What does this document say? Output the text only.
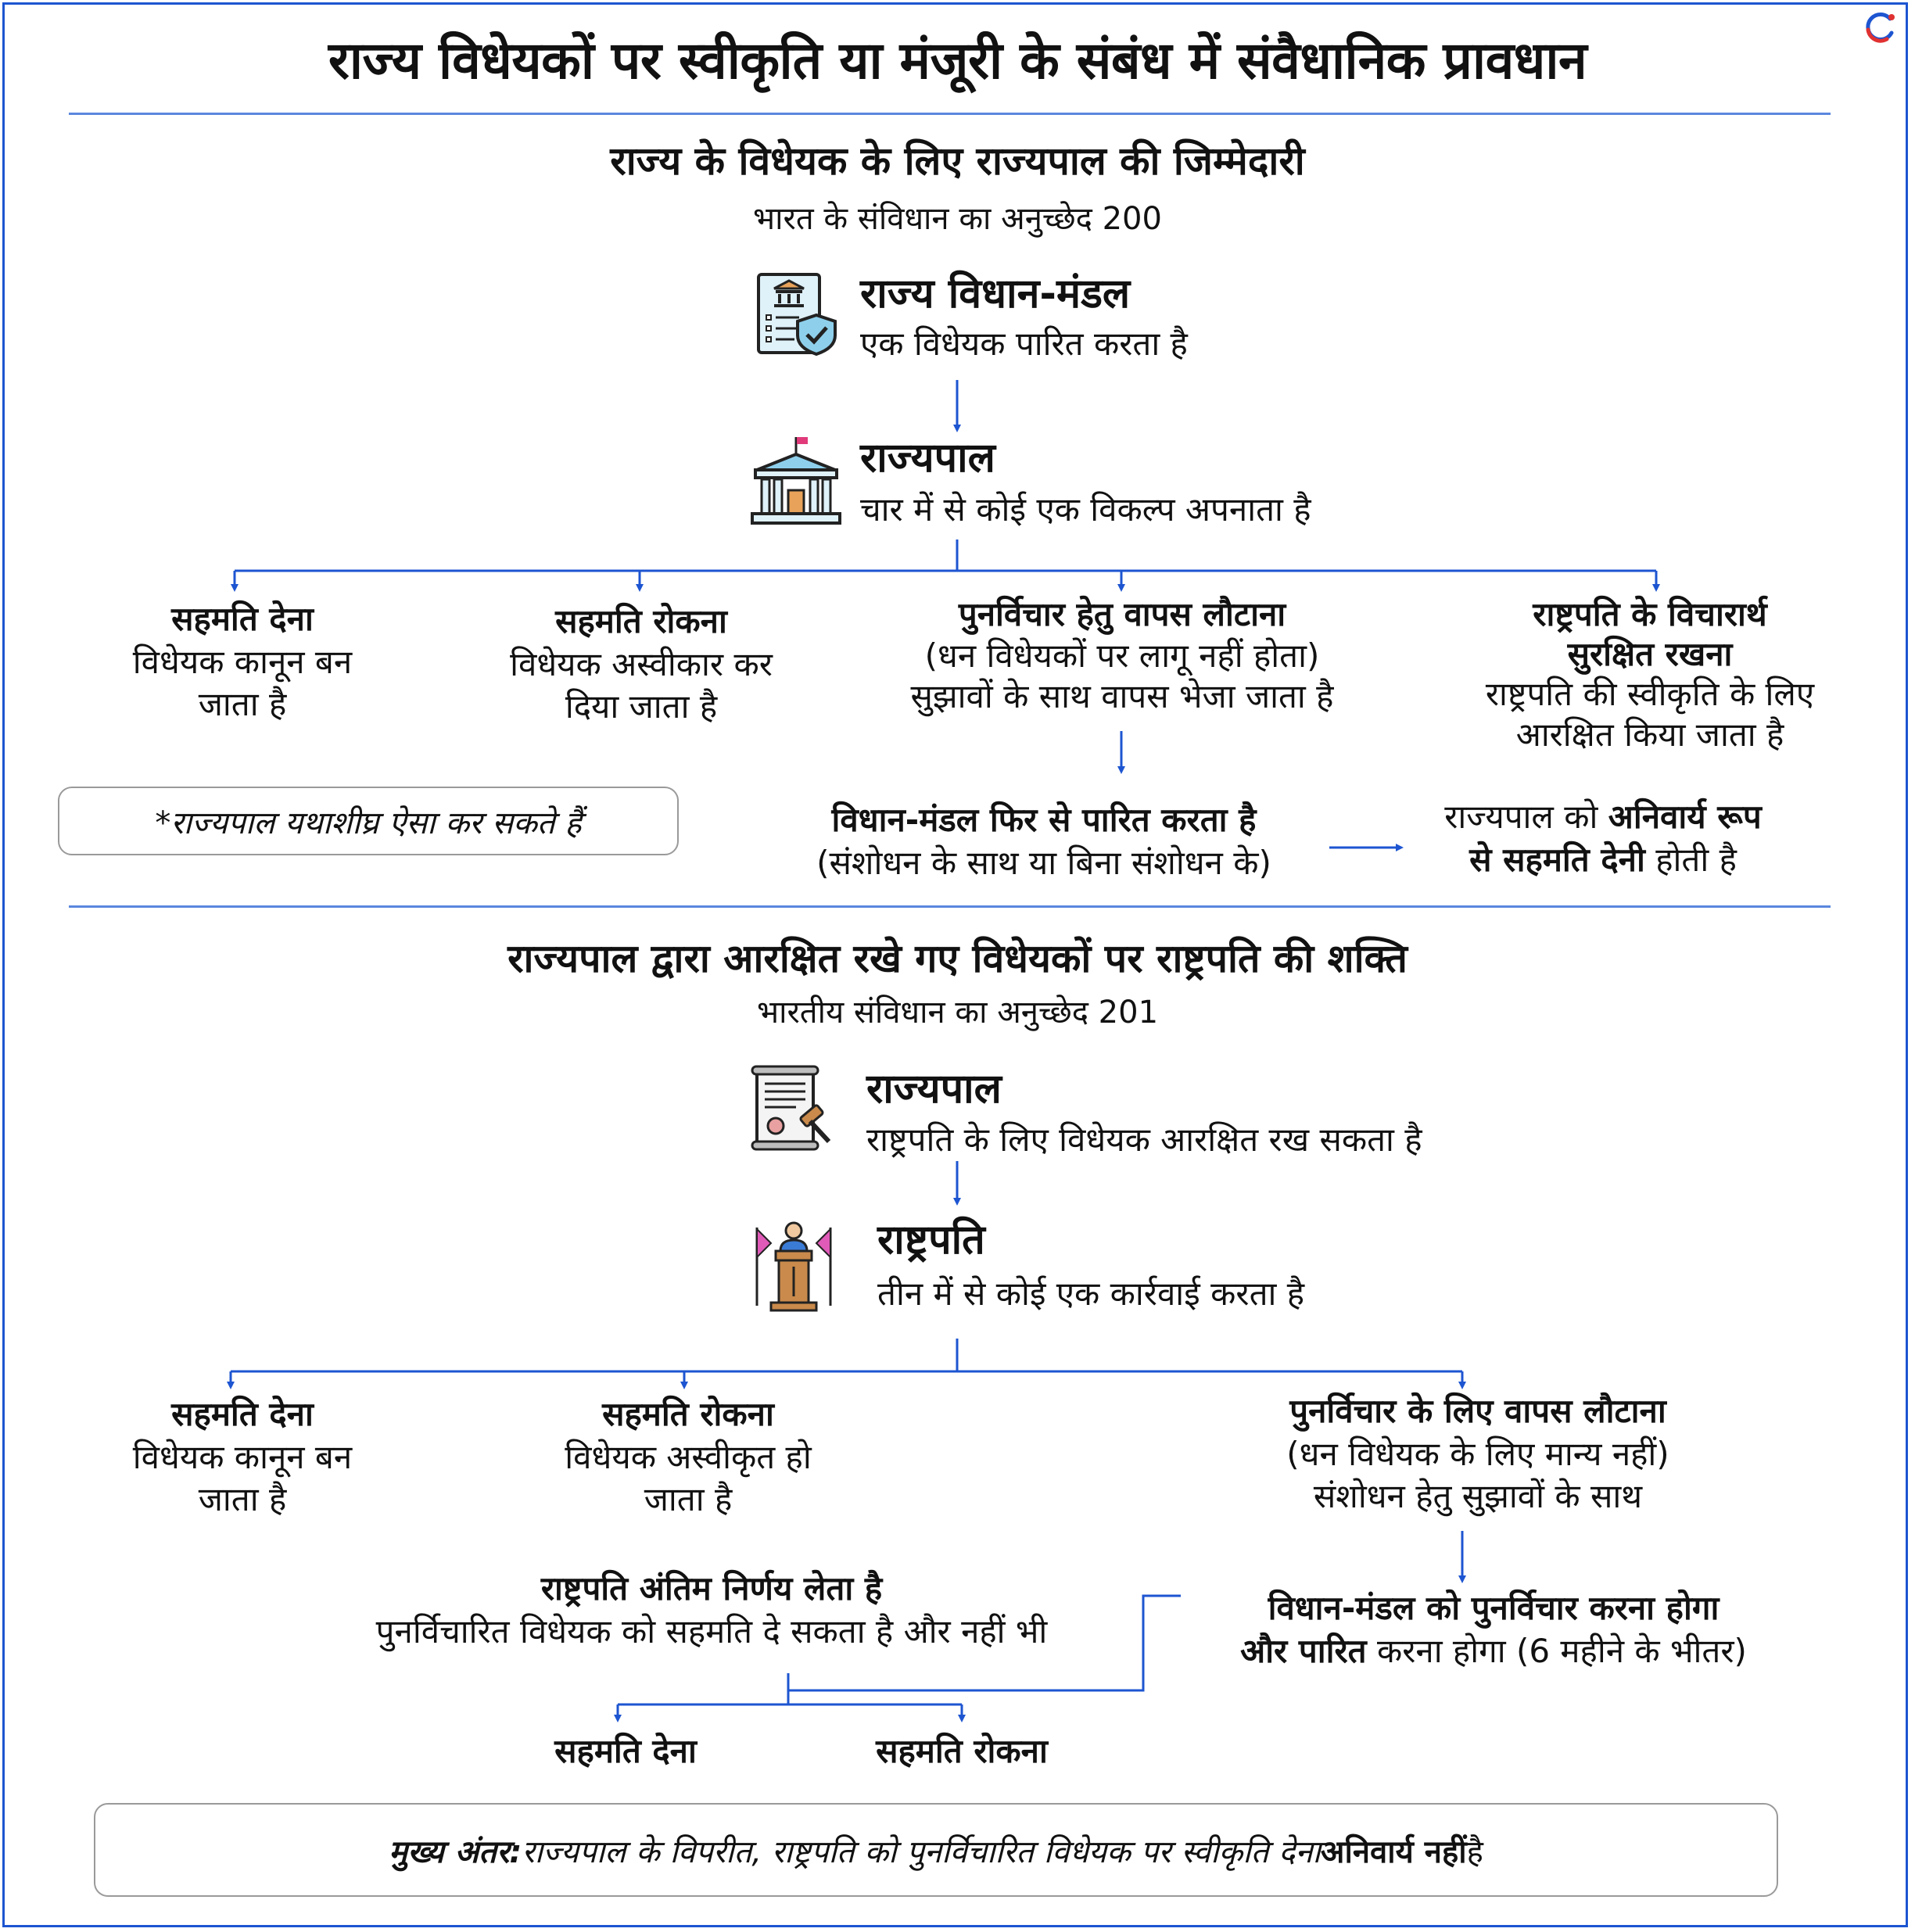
राज्य विधेयकों पर स्वीकृति या मंजूरी के संबंध में संवैधानिक प्रावधान
राज्य के विधेयक के लिए राज्यपाल की जिम्मेदारी
भारत के संविधान का अनुच्छेद 200
राज्य विधान-मंडल
एक विधेयक पारित करता है
राज्यपाल
चार में से कोई एक विकल्प अपनाता है
सहमति देना
विधेयक कानून बन
जाता है
सहमति रोकना
विधेयक अस्वीकार कर
दिया जाता है
पुनर्विचार हेतु वापस लौटाना
(धन विधेयकों पर लागू नहीं होता)
सुझावों के साथ वापस भेजा जाता है
राष्ट्रपति के विचारार्थ
सुरक्षित रखना
राष्ट्रपति की स्वीकृति के लिए
आरक्षित किया जाता है
*राज्यपाल यथाशीघ्र ऐसा कर सकते हैं	विधान-मंडल फिर से पारित करता है
(संशोधन के साथ या बिना संशोधन के)
राज्यपाल को अनिवार्य रूप
से सहमति देनी होती है
राज्यपाल द्वारा आरक्षित रखे गए विधेयकों पर राष्ट्रपति की शक्ति
भारतीय संविधान का अनुच्छेद 201
राज्यपाल
राष्ट्रपति के लिए विधेयक आरक्षित रख सकता है
राष्ट्रपति
तीन में से कोई एक कार्रवाई करता है
सहमति देना
विधेयक कानून बन
जाता है
सहमति रोकना
विधेयक अस्वीकृत हो
जाता है
पुनर्विचार के लिए वापस लौटाना
(धन विधेयक के लिए मान्य नहीं)
संशोधन हेतु सुझावों के साथ
विधान-मंडल को पुनर्विचार करना होगा
और पारित करना होगा (6 महीने के भीतर)
राष्ट्रपति अंतिम निर्णय लेता है
पुनर्विचारित विधेयक को सहमति दे सकता है और नहीं भी
सहमति देना	सहमति रोकना
मुख्य अंतर: राज्यपाल के विपरीत, राष्ट्रपति को पुनर्विचारित विधेयक पर स्वीकृति देना अनिवार्य नहीं है
